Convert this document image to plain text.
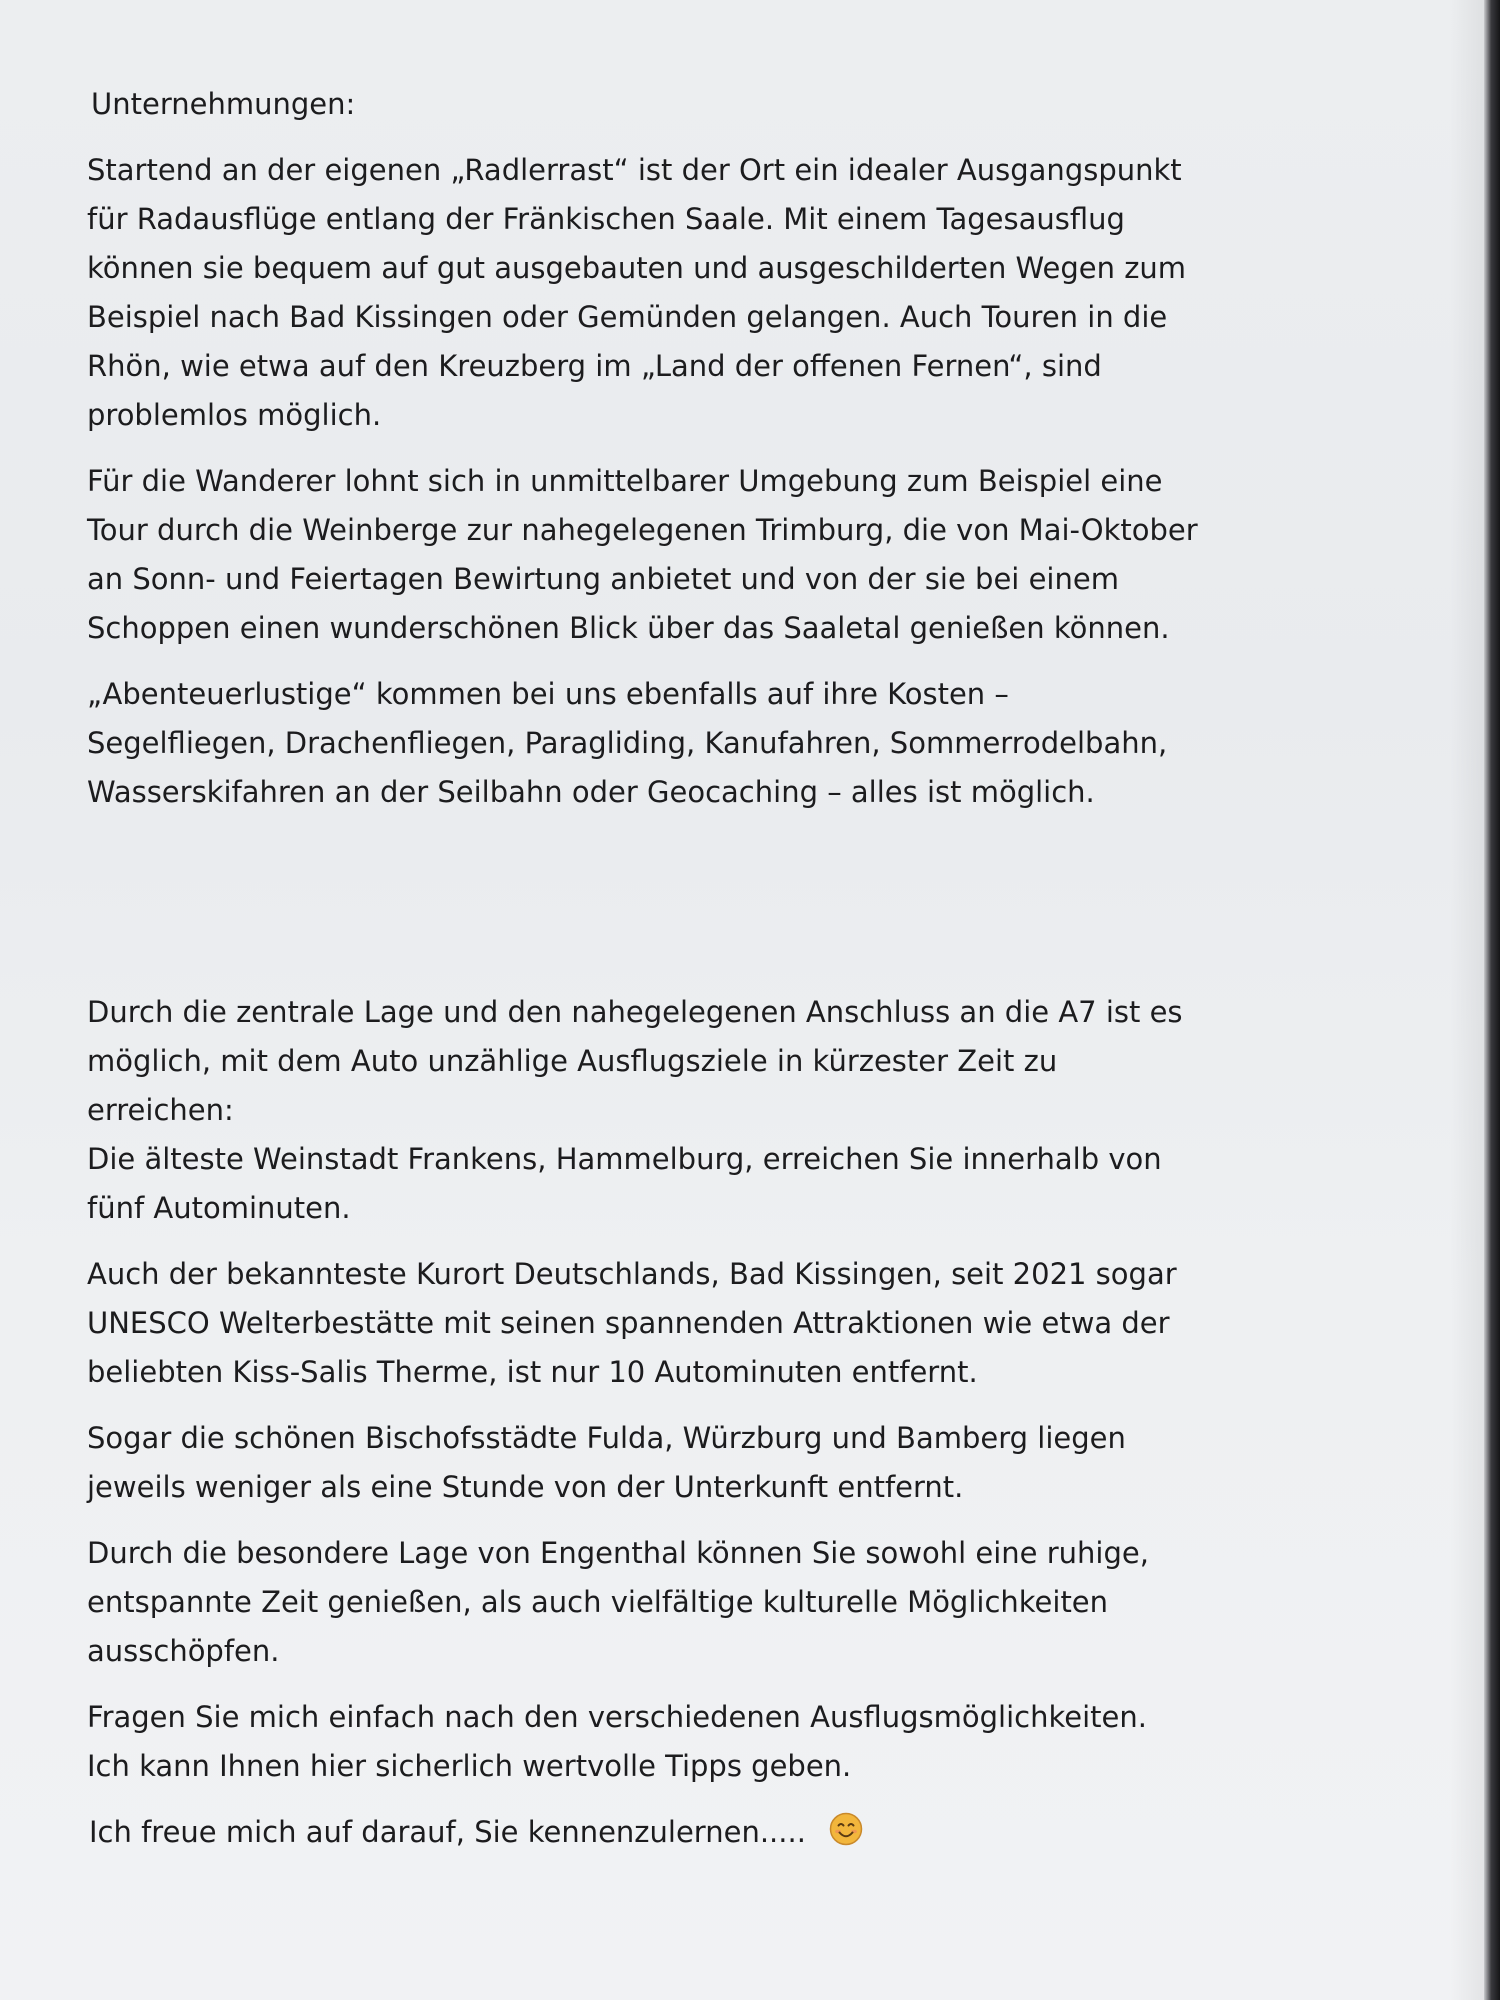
Unternehmungen:
Startend an der eigenen „Radlerrast“ ist der Ort ein idealer Ausgangspunkt
für Radausflüge entlang der Fränkischen Saale. Mit einem Tagesausflug
können sie bequem auf gut ausgebauten und ausgeschilderten Wegen zum
Beispiel nach Bad Kissingen oder Gemünden gelangen. Auch Touren in die
Rhön, wie etwa auf den Kreuzberg im „Land der offenen Fernen“, sind
problemlos möglich.
Für die Wanderer lohnt sich in unmittelbarer Umgebung zum Beispiel eine
Tour durch die Weinberge zur nahegelegenen Trimburg, die von Mai-Oktober
an Sonn- und Feiertagen Bewirtung anbietet und von der sie bei einem
Schoppen einen wunderschönen Blick über das Saaletal genießen können.
„Abenteuerlustige“ kommen bei uns ebenfalls auf ihre Kosten –
Segelfliegen, Drachenfliegen, Paragliding, Kanufahren, Sommerrodelbahn,
Wasserskifahren an der Seilbahn oder Geocaching – alles ist möglich.
Durch die zentrale Lage und den nahegelegenen Anschluss an die A7 ist es
möglich, mit dem Auto unzählige Ausflugsziele in kürzester Zeit zu
erreichen:
Die älteste Weinstadt Frankens, Hammelburg, erreichen Sie innerhalb von
fünf Autominuten.
Auch der bekannteste Kurort Deutschlands, Bad Kissingen, seit 2021 sogar
UNESCO Welterbestätte mit seinen spannenden Attraktionen wie etwa der
beliebten Kiss-Salis Therme, ist nur 10 Autominuten entfernt.
Sogar die schönen Bischofsstädte Fulda, Würzburg und Bamberg liegen
jeweils weniger als eine Stunde von der Unterkunft entfernt.
Durch die besondere Lage von Engenthal können Sie sowohl eine ruhige,
entspannte Zeit genießen, als auch vielfältige kulturelle Möglichkeiten
ausschöpfen.
Fragen Sie mich einfach nach den verschiedenen Ausflugsmöglichkeiten.
Ich kann Ihnen hier sicherlich wertvolle Tipps geben.
Ich freue mich auf darauf, Sie kennenzulernen.....
